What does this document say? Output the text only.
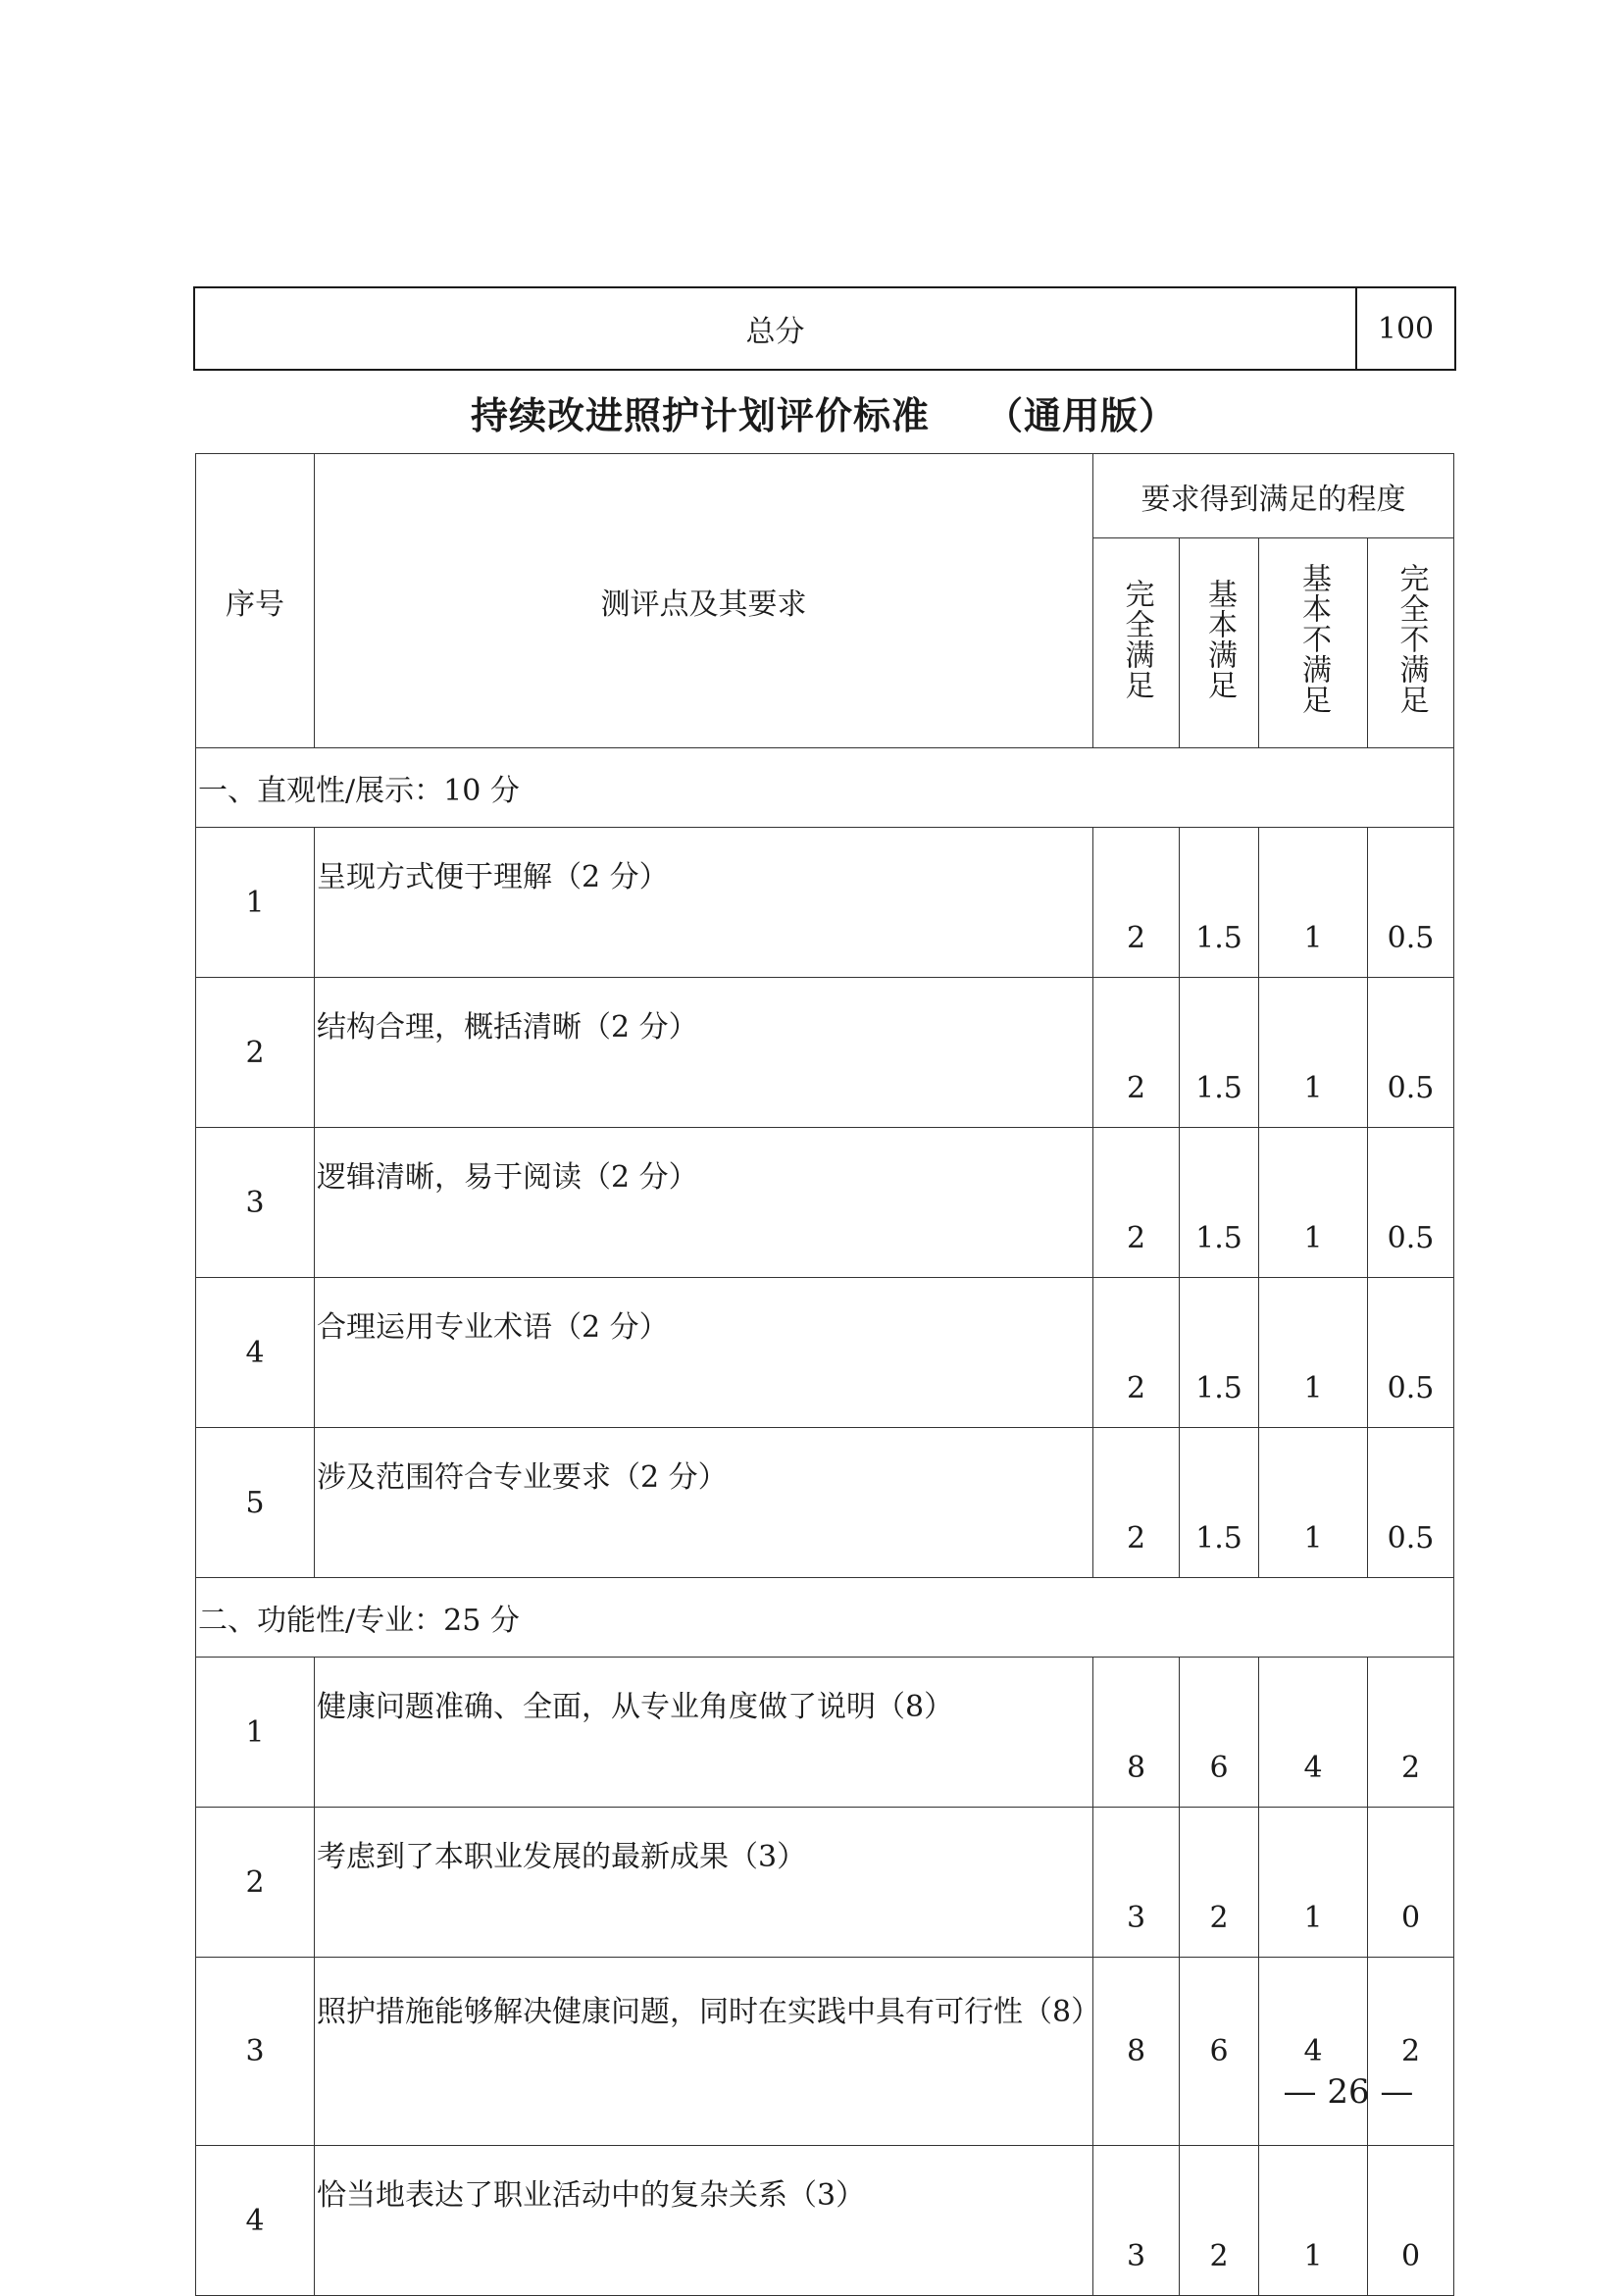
总分	100
持续改进照护计划评价标准    （通用版）
序号	测评点及其要求	要求得到满足的程度			
		完全满足	基本满足	基本不满足	完全不满足
一、直观性/展示：10 分					
1	呈现方式便于理解（2 分）	2	1.5	1	0.5
2	结构合理，概括清晰（2 分）	2	1.5	1	0.5
3	逻辑清晰，易于阅读（2 分）	2	1.5	1	0.5
4	合理运用专业术语（2 分）	2	1.5	1	0.5
5	涉及范围符合专业要求（2 分）	2	1.5	1	0.5
二、功能性/专业：25 分					
1	健康问题准确、全面，从专业角度做了说明（8）	8	6	4	2
2	考虑到了本职业发展的最新成果（3）	3	2	1	0
3	照护措施能够解决健康问题，同时在实践中具有可行性（8）	8	6	4	2
4	恰当地表达了职业活动中的复杂关系（3）	3	2	1	0
— 26 —
